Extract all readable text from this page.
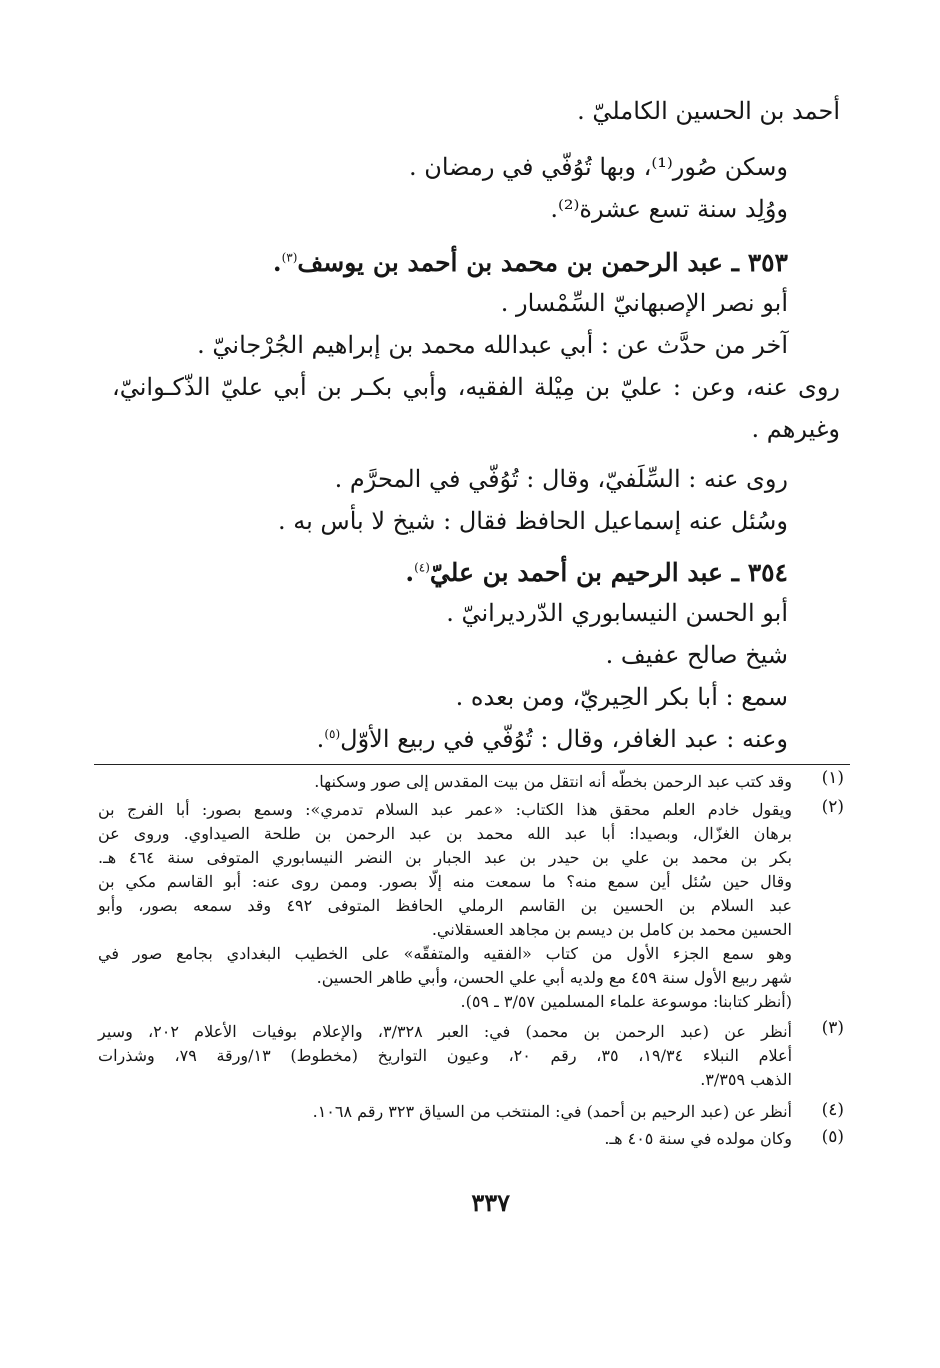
أحمد بن الحسين الكامليّ .
وسكن صُور⁽¹⁾، وبها تُوُفّي في رمضان .
ووُلِد سنة تسع عشرة⁽²⁾.
٣٥٣ ـ عبد الرحمن بن محمد بن أحمد بن يوسف$^{(٣)}$.
أبو نصر الإصبهانيّ السِّمْسار .
آخر من حدَّث عن : أبي عبدالله محمد بن إبراهيم الجُرْجانيّ .
روى عنه، وعن : عليّ بن مِيْلة الفقيه، وأبي بكـر بن أبي عليّ الذّكـوانيّ،
وغيرهم .
روى عنه : السِّلَفيّ، وقال : تُوُفّي في المحرَّم .
وسُئل عنه إسماعيل الحافظ فقال : شيخ لا بأس به .
٣٥٤ ـ عبد الرحيم بن أحمد بن عليّ$^{(٤)}$.
أبو الحسن النيسابوري الدّرديرانيّ .
شيخ صالح عفيف .
سمع : أبا بكر الحِيريّ، ومن بعده .
وعنه : عبد الغافر، وقال : تُوُفّي في ربيع الأوّل$^{(٥)}$.
(١)
وقد كتب عبد الرحمن بخطّه أنه انتقل من بيت المقدس إلى صور وسكنها.
(٢)
ويقول خادم العلم محقق هذا الكتاب: «عمر عبد السلام تدمري»: وسمع بصور: أبا الفرج بن
برهان الغزّال، وبصيدا: أبا عبد الله محمد بن عبد الرحمن بن طلحة الصيداوي. وروى عن
بكر بن محمد بن علي بن حيدر بن عبد الجبار بن النضر النيسابوري المتوفى سنة ٤٦٤ هـ.
وقال حين سُئل أين سمع منه؟ ما سمعت منه إلّا بصور. وممن روى عنه: أبو القاسم مكي بن
عبد السلام بن الحسين بن القاسم الرملي الحافظ المتوفى ٤٩٢ وقد سمعه بصور، وأبو
الحسين محمد بن كامل بن ديسم بن مجاهد العسقلاني.
وهو سمع الجزء الأول من كتاب «الفقيه والمتفقّه» على الخطيب البغدادي بجامع صور في
شهر ربيع الأول سنة ٤٥٩ مع ولديه أبي علي الحسن، وأبي طاهر الحسين.
(أنظر كتابنا: موسوعة علماء المسلمين ٣/٥٧ ـ ٥٩).
(٣)
أنظر عن (عبد الرحمن بن محمد) في: العبر ٣/٣٢٨، والإعلام بوفيات الأعلام ٢٠٢، وسير
أعلام النبلاء ١٩/٣٤، ٣٥، رقم ٢٠، وعيون التواريخ (مخطوط) ١٣/ورقة ٧٩، وشذرات
الذهب ٣/٣٥٩.
(٤)
أنظر عن (عبد الرحيم بن أحمد) في: المنتخب من السياق ٣٢٣ رقم ١٠٦٨.
(٥)
وكان مولده في سنة ٤٠٥ هـ.
٣٣٧
